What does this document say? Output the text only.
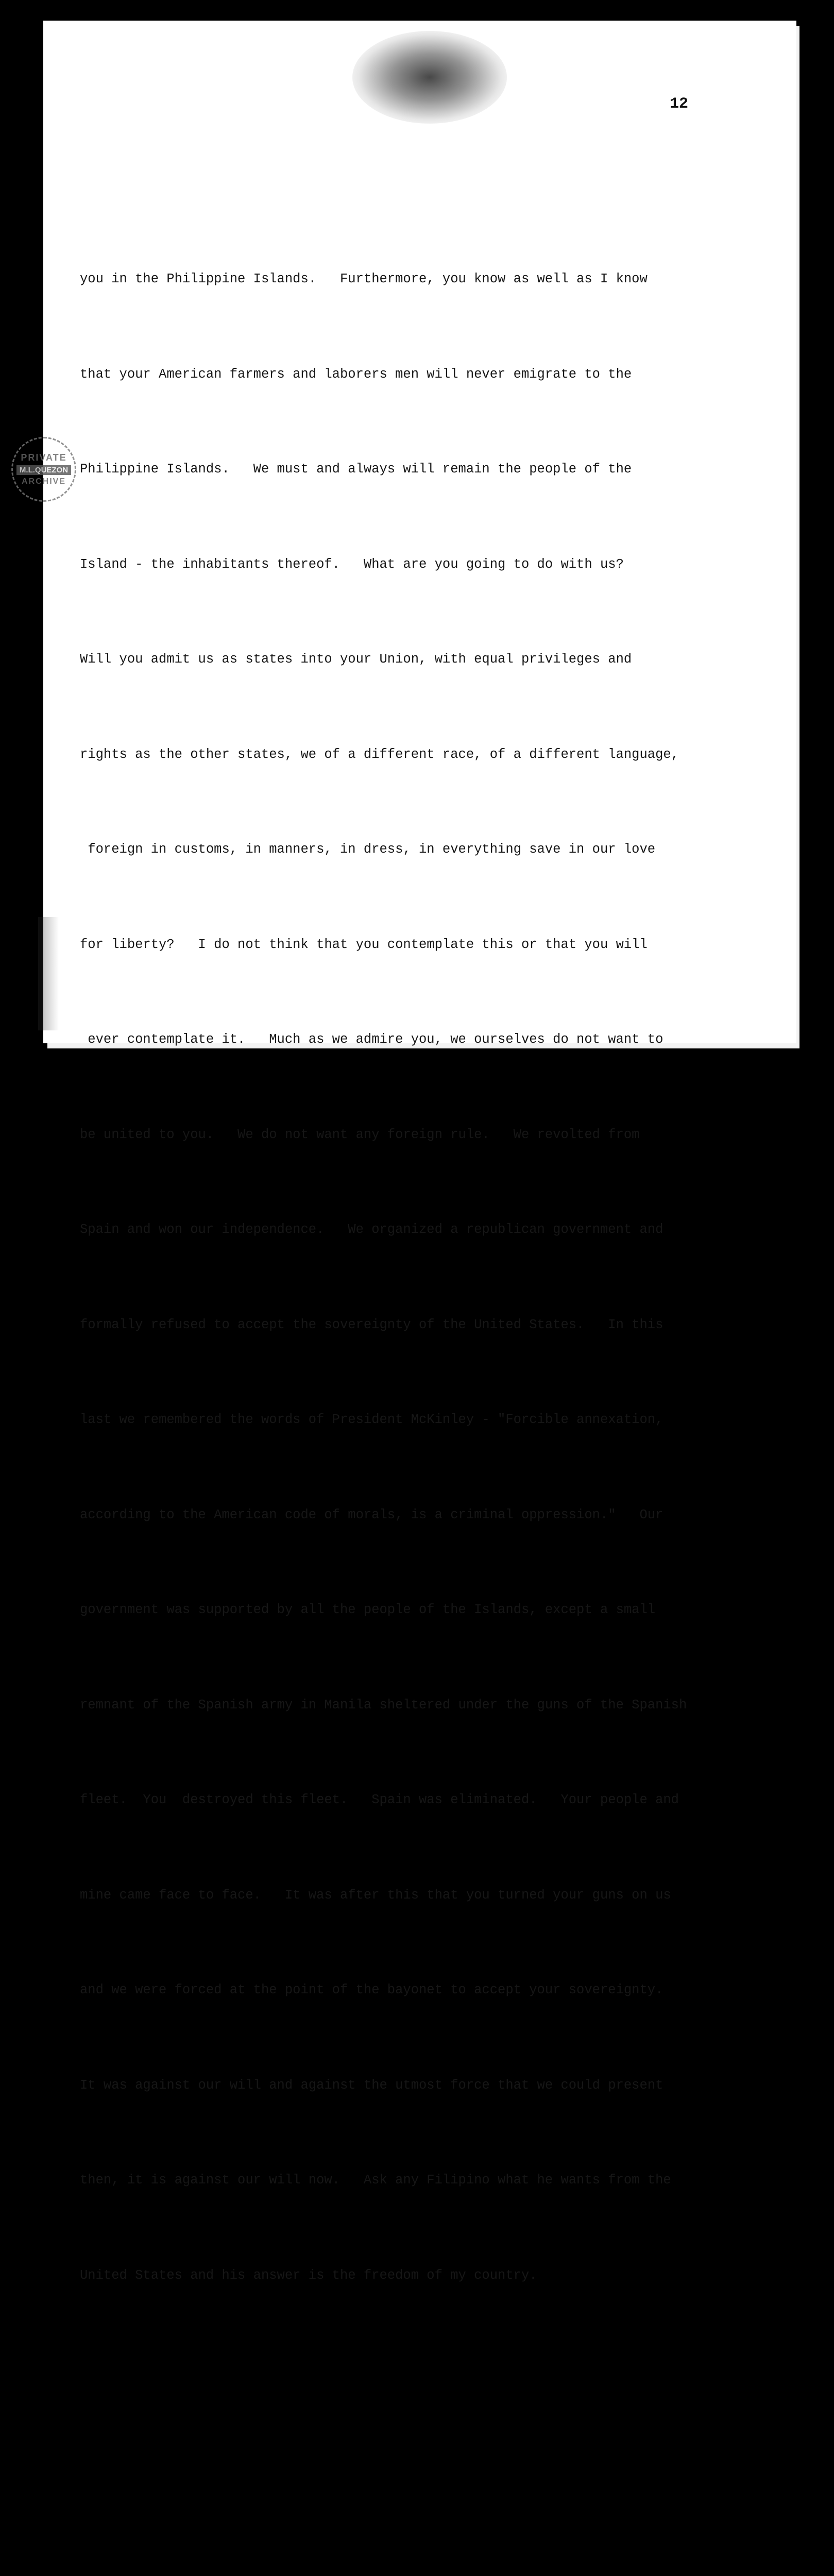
12
PRIVATE
M.L.QUEZON
ARCHIVE

you in the Philippine Islands.   Furthermore, you know as well as I know

that your American farmers and laborers men will never emigrate to the

Philippine Islands.   We must and always will remain the people of the

Island - the inhabitants thereof.   What are you going to do with us?

Will you admit us as states into your Union, with equal privileges and

rights as the other states, we of a different race, of a different language,

foreign in customs, in manners, in dress, in everything save in our love

for liberty?   I do not think that you contemplate this or that you will

ever contemplate it.   Much as we admire you, we ourselves do not want to

be united to you.   We do not want any foreign rule.   We revolted from

Spain and won our independence.   We organized a republican government and

formally refused to accept the sovereignty of the United States.   In this

last we remembered the words of President McKinley - "Forcible annexation,

according to the American code of morals, is a criminal oppression."   Our

government was supported by all the people of the Islands, except a small

remnant of the Spanish army in Manila sheltered under the guns of the Spanish

fleet.  You  destroyed this fleet.   Spain was eliminated.   Your people and

mine came face to face.   It was after this that you turned your guns on us

and we were forced at the point of the bayonet to accept your sovereignty.

It was against our will and against the utmost force that we could present

then, it is against our will now.   Ask any Filipino what he wants from the

United States and his answer is the freedom of my country.
